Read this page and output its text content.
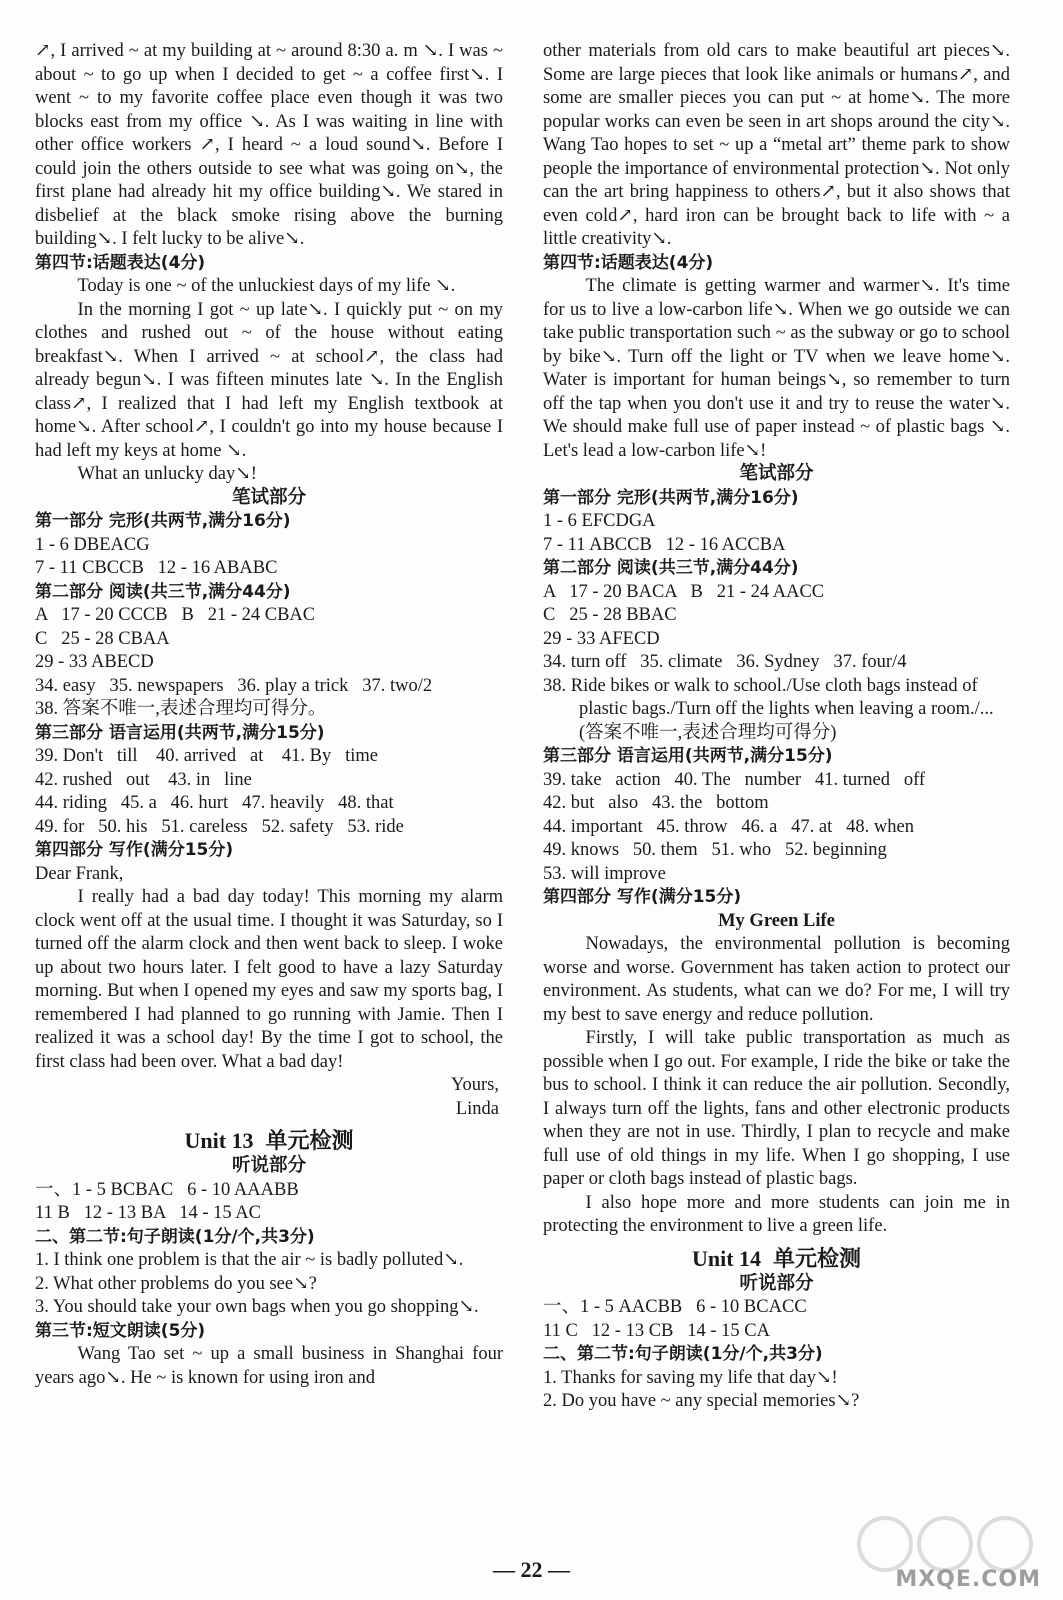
↗, I arrived ~ at my building at ~ around 8:30 a. m ↘. I was ~ about ~ to go up when I decided to get ~ a coffee first↘. I went ~ to my favorite coffee place even though it was two blocks east from my office ↘. As I was waiting in line with other office workers ↗, I heard ~ a loud sound↘. Before I could join the others outside to see what was going on↘, the first plane had already hit my office building↘. We stared in disbelief at the black smoke rising above the burning building↘. I felt lucky to be alive↘.
第四节:话题表达(4分)
Today is one ~ of the unluckiest days of my life ↘.
In the morning I got ~ up late↘. I quickly put ~ on my clothes and rushed out ~ of the house without eating breakfast↘. When I arrived ~ at school↗, the class had already begun↘. I was fifteen minutes late ↘. In the English class↗, I realized that I had left my English textbook at home↘. After school↗, I couldn't go into my house because I had left my keys at home ↘.
What an unlucky day↘!
笔试部分
第一部分 完形(共两节,满分16分)
1 - 6 DBEACG
7 - 11 CBCCB   12 - 16 ABABC
第二部分 阅读(共三节,满分44分)
A   17 - 20 CCCB   B   21 - 24 CBAC
C   25 - 28 CBAA
29 - 33 ABECD
34. easy   35. newspapers   36. play a trick   37. two/2
38. 答案不唯一,表述合理均可得分。
第三部分 语言运用(共两节,满分15分)
39. Don't   till    40. arrived   at    41. By   time
42. rushed   out    43. in   line
44. riding   45. a   46. hurt   47. heavily   48. that
49. for   50. his   51. careless   52. safety   53. ride
第四部分 写作(满分15分)
Dear Frank,
I really had a bad day today! This morning my alarm clock went off at the usual time. I thought it was Saturday, so I turned off the alarm clock and then went back to sleep. I woke up about two hours later. I felt good to have a lazy Saturday morning. But when I opened my eyes and saw my sports bag, I remembered I had planned to go running with Jamie. Then I realized it was a school day! By the time I got to school, the first class had been over. What a bad day!
Yours,
Linda
Unit 13 单元检测
听说部分
一、1 - 5 BCBAC   6 - 10 AAABB
11 B   12 - 13 BA   14 - 15 AC
二、第二节:句子朗读(1分/个,共3分)
1. I think one problem is that the air ~ is badly polluted↘.
2. What other problems do you see↘?
3. You should take your own bags when you go shopping↘.
第三节:短文朗读(5分)
Wang Tao set ~ up a small business in Shanghai four years ago↘. He ~ is known for using iron and
other materials from old cars to make beautiful art pieces↘. Some are large pieces that look like animals or humans↗, and some are smaller pieces you can put ~ at home↘. The more popular works can even be seen in art shops around the city↘. Wang Tao hopes to set ~ up a “metal art” theme park to show people the importance of environmental protection↘. Not only can the art bring happiness to others↗, but it also shows that even cold↗, hard iron can be brought back to life with ~ a little creativity↘.
第四节:话题表达(4分)
The climate is getting warmer and warmer↘. It's time for us to live a low-carbon life↘. When we go outside we can take public transportation such ~ as the subway or go to school by bike↘. Turn off the light or TV when we leave home↘. Water is important for human beings↘, so remember to turn off the tap when you don't use it and try to reuse the water↘. We should make full use of paper instead ~ of plastic bags ↘. Let's lead a low-carbon life↘!
笔试部分
第一部分 完形(共两节,满分16分)
1 - 6 EFCDGA
7 - 11 ABCCB   12 - 16 ACCBA
第二部分 阅读(共三节,满分44分)
A   17 - 20 BACA   B   21 - 24 AACC
C   25 - 28 BBAC
29 - 33 AFECD
34. turn off   35. climate   36. Sydney   37. four/4
38. Ride bikes or walk to school./Use cloth bags instead of plastic bags./Turn off the lights when leaving a room./...(答案不唯一,表述合理均可得分)
第三部分 语言运用(共两节,满分15分)
39. take   action   40. The   number   41. turned   off
42. but   also   43. the   bottom
44. important   45. throw   46. a   47. at   48. when
49. knows   50. them   51. who   52. beginning
53. will improve
第四部分 写作(满分15分)
My Green Life
Nowadays, the environmental pollution is becoming worse and worse. Government has taken action to protect our environment. As students, what can we do? For me, I will try my best to save energy and reduce pollution.
Firstly, I will take public transportation as much as possible when I go out. For example, I ride the bike or take the bus to school. I think it can reduce the air pollution. Secondly, I always turn off the lights, fans and other electronic products when they are not in use. Thirdly, I plan to recycle and make full use of old things in my life. When I go shopping, I use paper or cloth bags instead of plastic bags.
I also hope more and more students can join me in protecting the environment to live a green life.
Unit 14 单元检测
听说部分
一、1 - 5 AACBB   6 - 10 BCACC
11 C   12 - 13 CB   14 - 15 CA
二、第二节:句子朗读(1分/个,共3分)
1. Thanks for saving my life that day↘!
2. Do you have ~ any special memories↘?
— 22 —	MXQE.COM
